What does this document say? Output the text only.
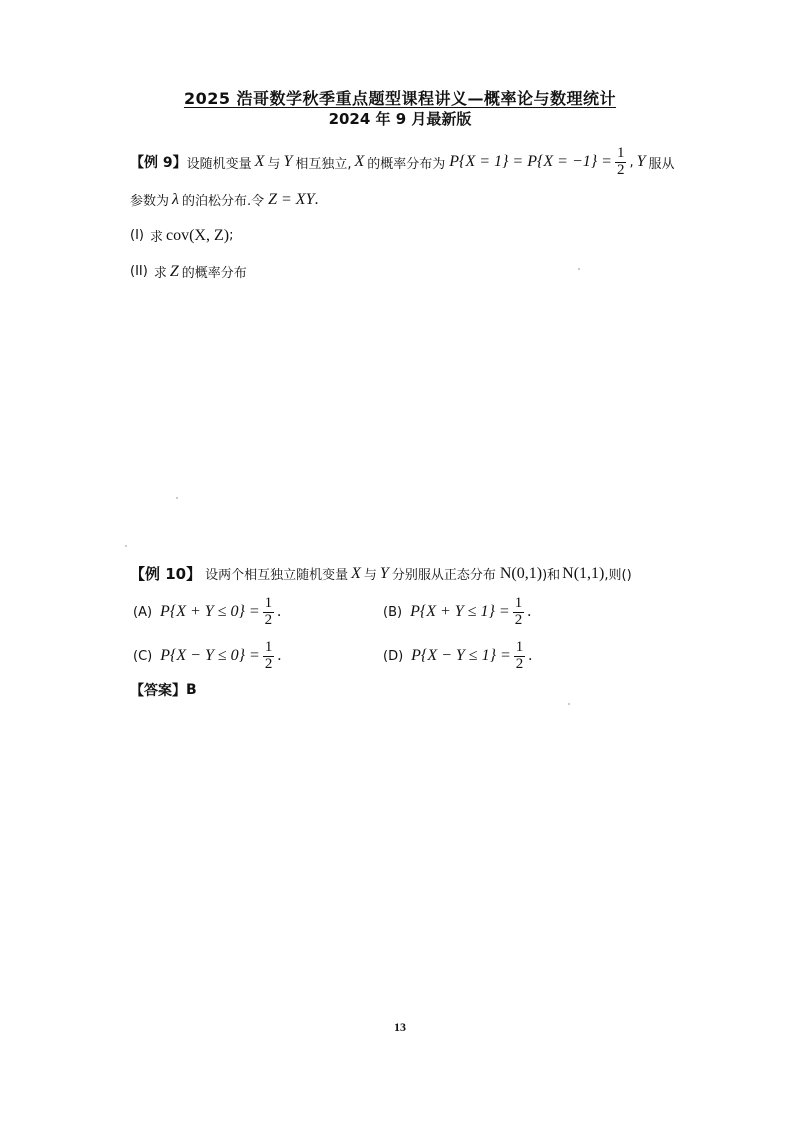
2025 浩哥数学秋季重点题型课程讲义—概率论与数理统计
2024 年 9 月最新版
【例 9】 设随机变量 X 与 Y 相互独立, X 的概率分布为 $P\{X = 1\} = P\{X = -1\} = \frac{1}{2}$ , Y 服从
参数为 λ 的泊松分布.令 Z = XY .
(I) 求 cov(X, Z) ;
(II) 求 Z 的概率分布
【例 10】 设两个相互独立随机变量 X 与 Y 分别服从正态分布 N(0,1) )和 N(1,1) ,则()
(A) $P\{X + Y \le 0\} = \frac{1}{2}$ .	(B) $P\{X + Y \le 1\} = \frac{1}{2}$ .
(C) $P\{X - Y \le 0\} = \frac{1}{2}$ .	(D) $P\{X - Y \le 1\} = \frac{1}{2}$ .
【答案】 B
13
